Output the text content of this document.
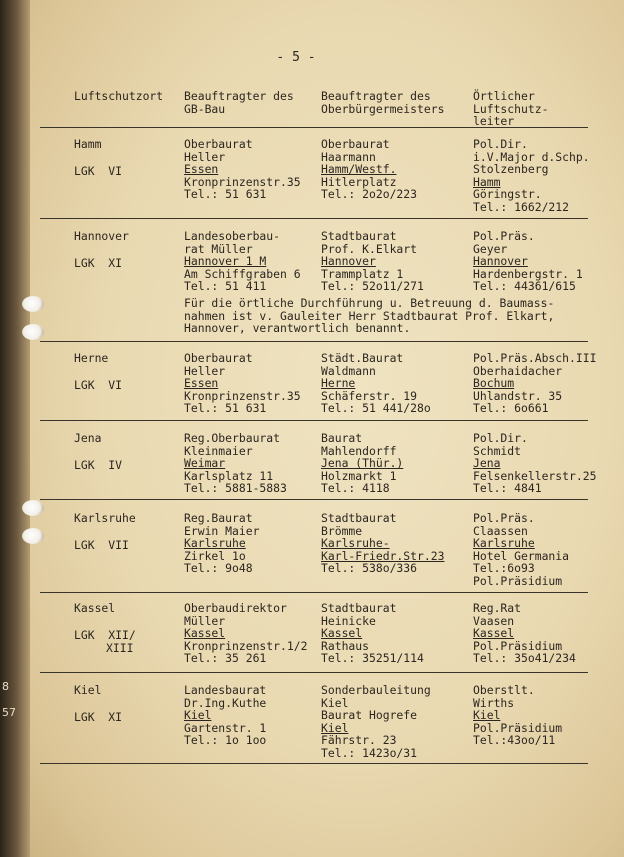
8
57
- 5 -
Luftschutzort Beauftragter des
GB-Bau
Beauftragter des
Oberbürgermeisters
Örtlicher
Luftschutz-
leiter
Hamm
LGK  VI
Oberbaurat
Heller
Essen
Kronprinzenstr.35
Tel.: 51 631
Oberbaurat
Haarmann
Hamm/Westf.
Hitlerplatz
Tel.: 2o2o/223
Pol.Dir.
i.V.Major d.Schp.
Stolzenberg
Hamm
Göringstr.
Tel.: 1662/212
Hannover
LGK  XI
Landesoberbau-
rat Müller
Hannover 1 M
Am Schiffgraben 6
Tel.: 51 411
Stadtbaurat
Prof. K.Elkart
Hannover
Trammplatz 1
Tel.: 52o11/271
Pol.Präs.
Geyer
Hannover
Hardenbergstr. 1
Tel.: 44361/615
Für die örtliche Durchführung u. Betreuung d. Baumass-
nahmen ist v. Gauleiter Herr Stadtbaurat Prof. Elkart,
Hannover, verantwortlich benannt.
Herne
LGK  VI
Oberbaurat
Heller
Essen
Kronprinzenstr.35
Tel.: 51 631
Städt.Baurat
Waldmann
Herne
Schäferstr. 19
Tel.: 51 441/28o
Pol.Präs.Absch.III
Oberhaidacher
Bochum
Uhlandstr. 35
Tel.: 6o661
Jena
LGK  IV
Reg.Oberbaurat
Kleinmaier
Weimar
Karlsplatz 11
Tel.: 5881-5883
Baurat
Mahlendorff
Jena (Thür.)
Holzmarkt 1
Tel.: 4118
Pol.Dir.
Schmidt
Jena
Felsenkellerstr.25
Tel.: 4841
Karlsruhe
LGK  VII
Reg.Baurat
Erwin Maier
Karlsruhe
Zirkel 1o
Tel.: 9o48
Stadtbaurat
Brömme
Karlsruhe-
Karl-Friedr.Str.23
Tel.: 538o/336
Pol.Präs.
Claassen
Karlsruhe
Hotel Germania
Tel.:6o93
Pol.Präsidium
Kassel
LGK  XII/
XIII
Oberbaudirektor
Müller
Kassel
Kronprinzenstr.1/2
Tel.: 35 261
Stadtbaurat
Heinicke
Kassel
Rathaus
Tel.: 35251/114
Reg.Rat
Vaasen
Kassel
Pol.Präsidium
Tel.: 35o41/234
Kiel
LGK  XI
Landesbaurat
Dr.Ing.Kuthe
Kiel
Gartenstr. 1
Tel.: 1o 1oo
Sonderbauleitung
Kiel
Baurat Hogrefe
Kiel
Fährstr. 23
Tel.: 1423o/31
Oberstlt.
Wirths
Kiel
Pol.Präsidium
Tel.:43oo/11
